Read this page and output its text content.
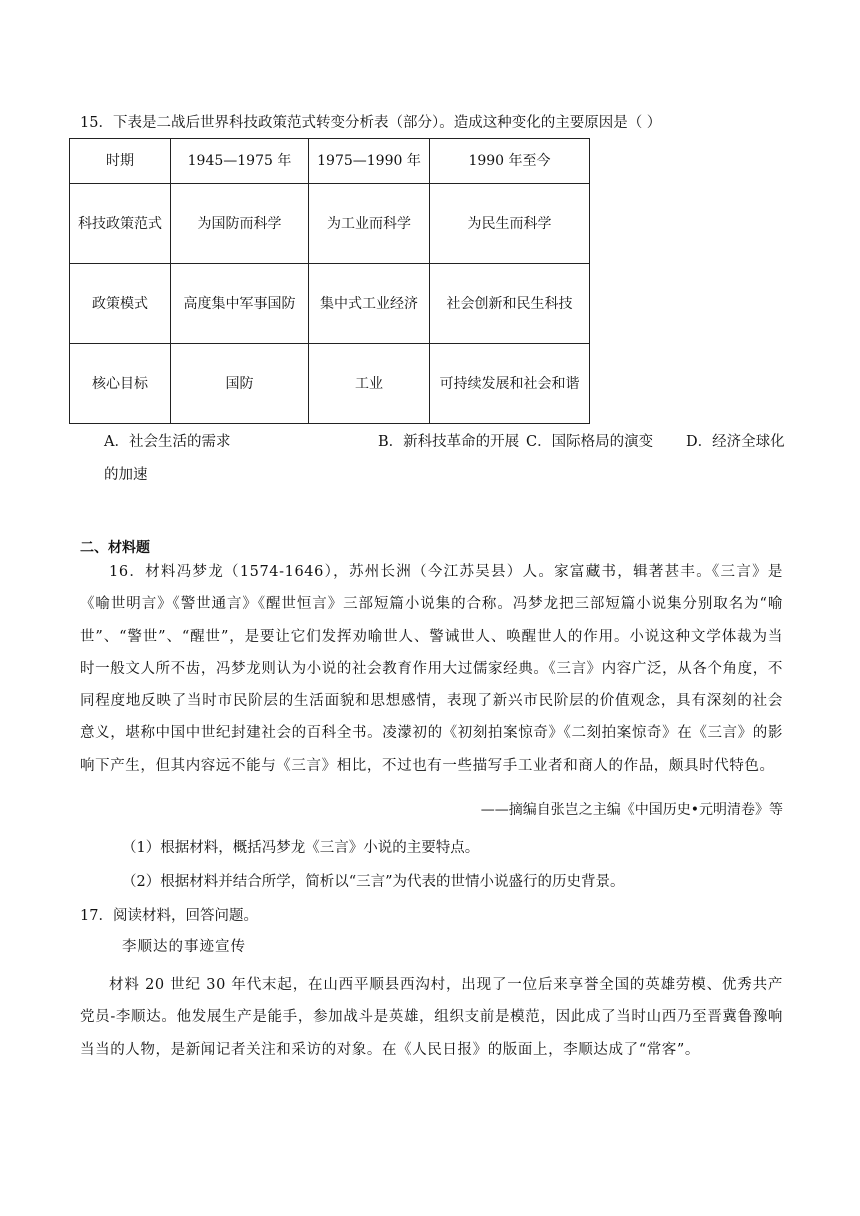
15．下表是二战后世界科技政策范式转变分析表（部分）。造成这种变化的主要原因是（ ）
时期	1945—1975 年	1975—1990 年	1990 年至今
科技政策范式	为国防而科学	为工业而科学	为民生而科学
政策模式	高度集中军事国防	集中式工业经济	社会创新和民生科技
核心目标	国防	工业	可持续发展和社会和谐
A．社会生活的需求	B．新科技革命的开展 C．国际格局的演变 D．经济全球化
的加速
二、材料题
16．材料冯梦龙（1574-1646），苏州长洲（今江苏吴县）人。家富藏书，辑著甚丰。《三言》是《喻世明言》《警世通言》《醒世恒言》三部短篇小说集的合称。冯梦龙把三部短篇小说集分别取名为“喻世”、“警世”、“醒世”，是要让它们发挥劝喻世人、警诫世人、唤醒世人的作用。小说这种文学体裁为当时一般文人所不齿，冯梦龙则认为小说的社会教育作用大过儒家经典。《三言》内容广泛，从各个角度，不同程度地反映了当时市民阶层的生活面貌和思想感情，表现了新兴市民阶层的价值观念，具有深刻的社会意义，堪称中国中世纪封建社会的百科全书。凌濛初的《初刻拍案惊奇》《二刻拍案惊奇》在《三言》的影响下产生，但其内容远不能与《三言》相比，不过也有一些描写手工业者和商人的作品，颇具时代特色。
——摘编自张岂之主编《中国历史•元明清卷》等
（1）根据材料，概括冯梦龙《三言》小说的主要特点。
（2）根据材料并结合所学，简析以“三言”为代表的世情小说盛行的历史背景。
17．阅读材料，回答问题。
李顺达的事迹宣传
材料 20 世纪 30 年代末起，在山西平顺县西沟村，出现了一位后来享誉全国的英雄劳模、优秀共产党员-李顺达。他发展生产是能手，参加战斗是英雄，组织支前是模范，因此成了当时山西乃至晋冀鲁豫响当当的人物，是新闻记者关注和采访的对象。在《人民日报》的版面上，李顺达成了“常客”。
